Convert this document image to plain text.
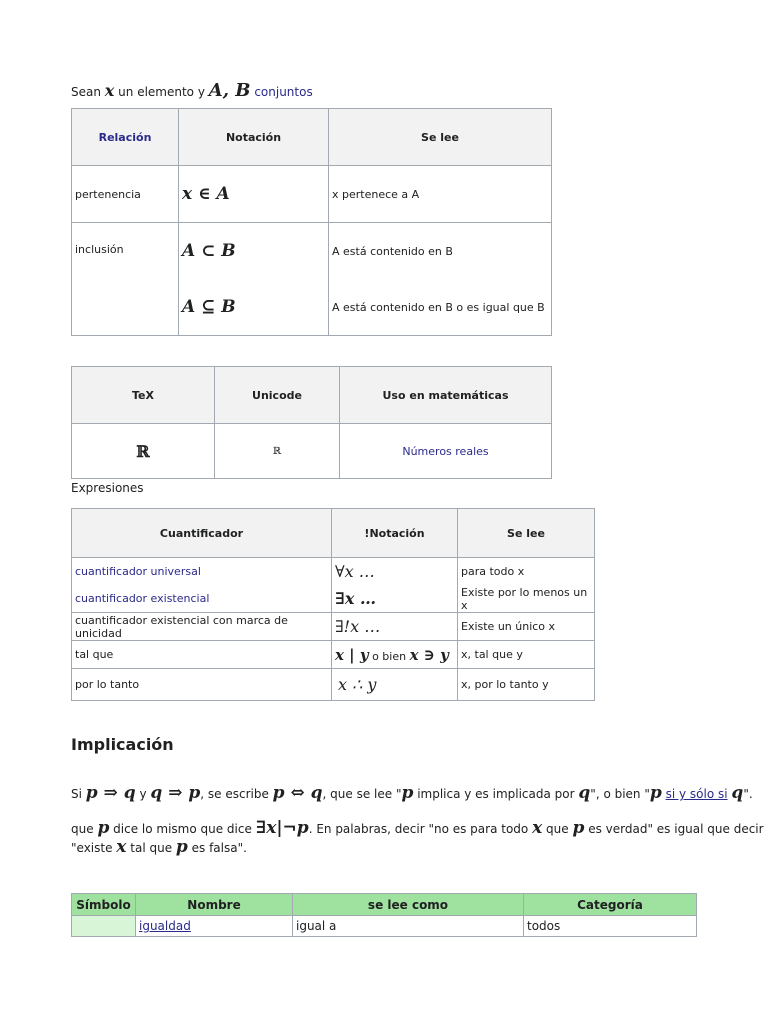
Sean 𝒙 un elemento y 𝑨, 𝑩 conjuntos
Relación	Notación	Se lee
pertenencia	𝒙 ∈ 𝑨	x pertenece a A
inclusión	𝑨 ⊂ 𝑩	A está contenido en B
	𝑨 ⊆ 𝑩	A está contenido en B o es igual que B
TeX	Unicode	Uso en matemáticas
ℝ	ℝ	Números reales
Expresiones
Cuantificador	!Notación	Se lee
cuantificador universal	∀x …	para todo x
cuantificador existencial	∃𝒙 …	Existe por lo menos un x
cuantificador existencial con marca de unicidad	∃!x …	Existe un único x
tal que	𝒙 | 𝒚 o bien 𝒙 ∋ 𝒚	x, tal que y
por lo tanto	x ∴ y	x, por lo tanto y
Implicación
Si 𝒑 ⇒ 𝒒 y 𝒒 ⇒ 𝒑, se escribe 𝒑 ⇔ 𝒒, que se lee "𝒑 implica y es implicada por 𝒒", o bien "𝒑 si y sólo si 𝒒".
que 𝒑 dice lo mismo que dice ∃𝒙|¬𝒑. En palabras, decir "no es para todo 𝒙 que 𝒑 es verdad" es igual que decir
"existe 𝒙 tal que 𝒑 es falsa".
Símbolo	Nombre	se lee como	Categoría
	igualdad	igual a	todos
